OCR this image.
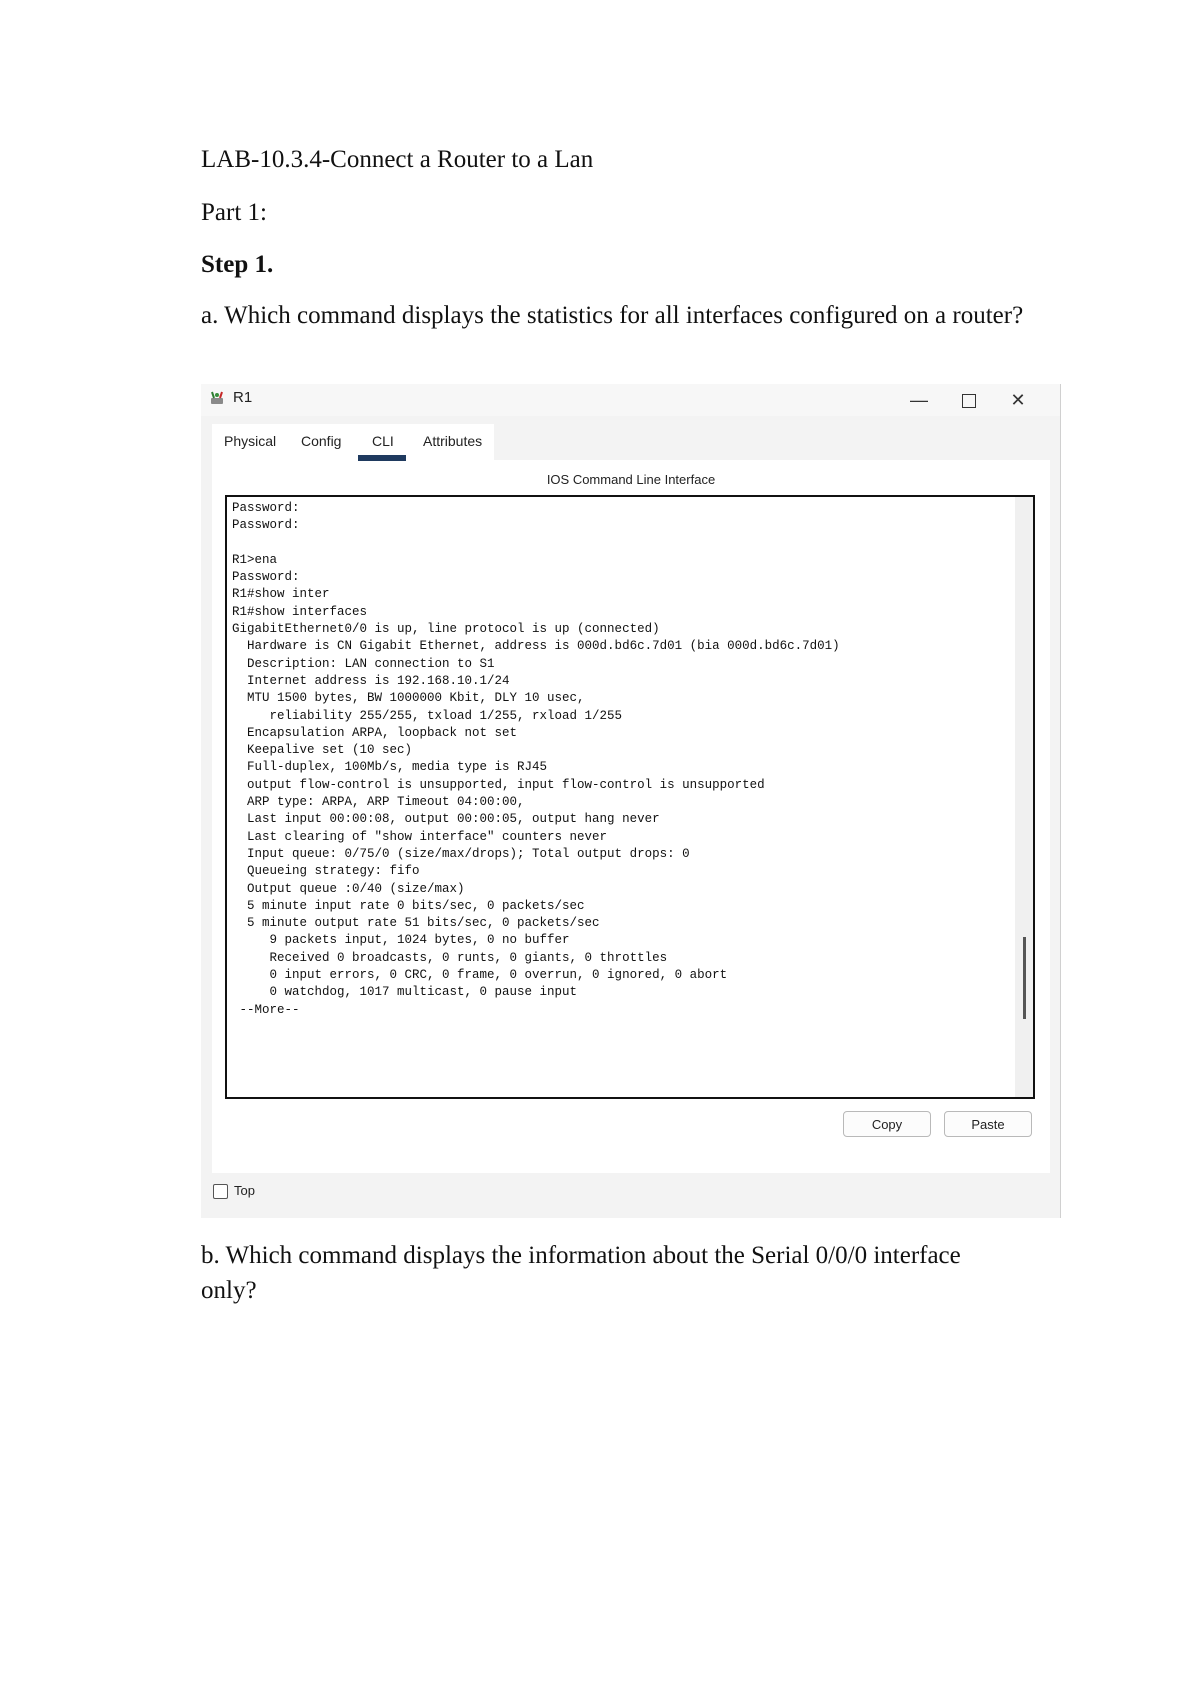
LAB-10.3.4-Connect a Router to a Lan
Part 1:
Step 1.
a. Which command displays the statistics for all interfaces configured on a router?
R1	—	✕
Physical Config CLI Attributes
IOS Command Line Interface
Password:
Password:

R1>ena
Password:
R1#show inter
R1#show interfaces
GigabitEthernet0/0 is up, line protocol is up (connected)
Hardware is CN Gigabit Ethernet, address is 000d.bd6c.7d01 (bia 000d.bd6c.7d01)
Description: LAN connection to S1
Internet address is 192.168.10.1/24
MTU 1500 bytes, BW 1000000 Kbit, DLY 10 usec,
reliability 255/255, txload 1/255, rxload 1/255
Encapsulation ARPA, loopback not set
Keepalive set (10 sec)
Full-duplex, 100Mb/s, media type is RJ45
output flow-control is unsupported, input flow-control is unsupported
ARP type: ARPA, ARP Timeout 04:00:00,
Last input 00:00:08, output 00:00:05, output hang never
Last clearing of "show interface" counters never
Input queue: 0/75/0 (size/max/drops); Total output drops: 0
Queueing strategy: fifo
Output queue :0/40 (size/max)
5 minute input rate 0 bits/sec, 0 packets/sec
5 minute output rate 51 bits/sec, 0 packets/sec
9 packets input, 1024 bytes, 0 no buffer
Received 0 broadcasts, 0 runts, 0 giants, 0 throttles
0 input errors, 0 CRC, 0 frame, 0 overrun, 0 ignored, 0 abort
0 watchdog, 1017 multicast, 0 pause input
--More--
Copy	Paste
Top
b. Which command displays the information about the Serial 0/0/0 interface only?
